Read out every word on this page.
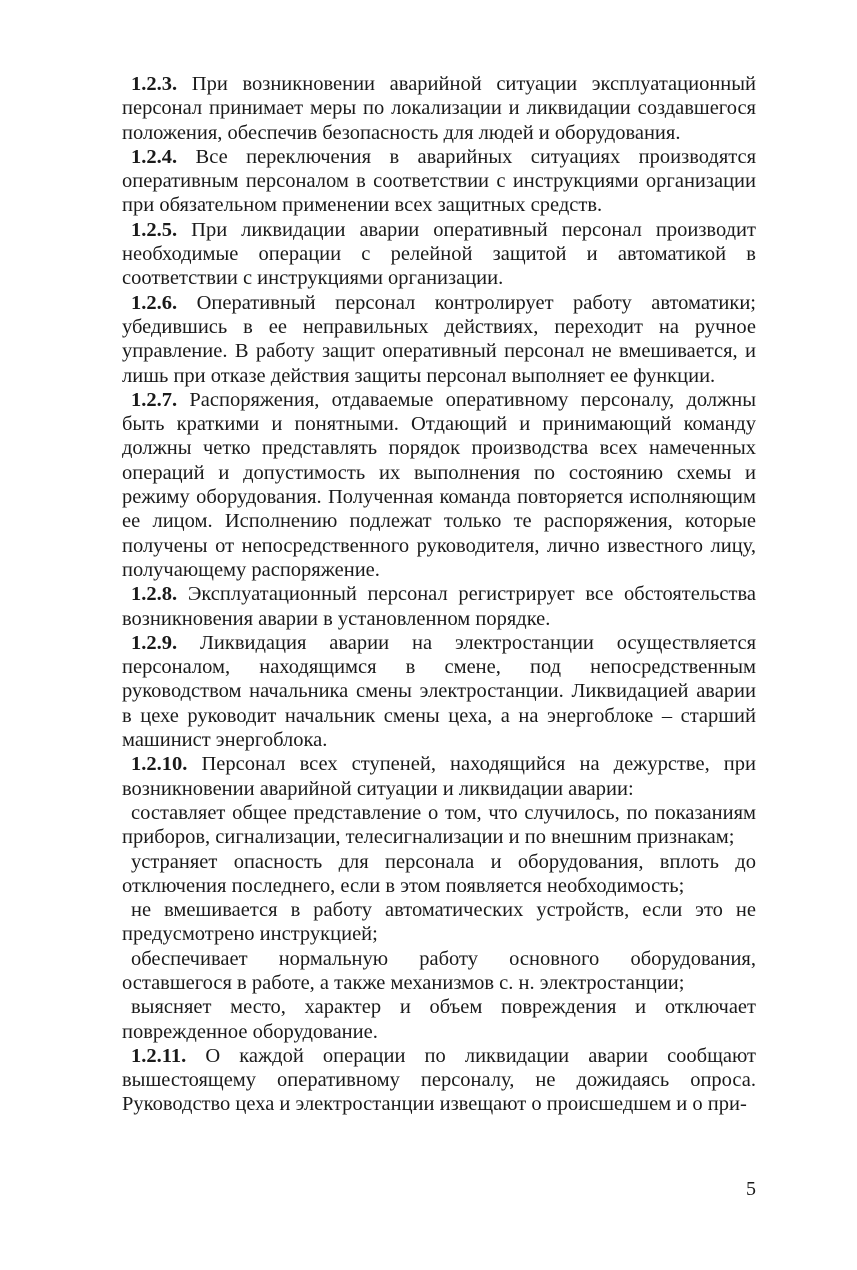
1.2.3. При возникновении аварийной ситуации эксплуатационный персонал принимает меры по локализации и ликвидации создавшегося положения, обеспечив безопасность для людей и оборудования.

1.2.4. Все переключения в аварийных ситуациях производятся оперативным персоналом в соответствии с инструкциями организации при обязательном применении всех защитных средств.

1.2.5. При ликвидации аварии оперативный персонал производит необходимые операции с релейной защитой и автоматикой в соответствии с инструкциями организации.

1.2.6. Оперативный персонал контролирует работу автоматики; убедившись в ее неправильных действиях, переходит на ручное управление. В работу защит оперативный персонал не вмешивается, и лишь при отказе действия защиты персонал выполняет ее функции.

1.2.7. Распоряжения, отдаваемые оперативному персоналу, должны быть краткими и понятными. Отдающий и принимающий команду должны четко представлять порядок производства всех намеченных операций и допустимость их выполнения по состоянию схемы и режиму оборудования. Полученная команда повторяется исполняющим ее лицом. Исполнению подлежат только те распоряжения, которые получены от непосредственного руководителя, лично известного лицу, получающему распоряжение.

1.2.8. Эксплуатационный персонал регистрирует все обстоятельства возникновения аварии в установленном порядке.

1.2.9. Ликвидация аварии на электростанции осуществляется персоналом, находящимся в смене, под непосредственным руководством начальника смены электростанции. Ликвидацией аварии в цехе руководит начальник смены цеха, а на энергоблоке – старший машинист энергоблока.

1.2.10. Персонал всех ступеней, находящийся на дежурстве, при возникновении аварийной ситуации и ликвидации аварии:

составляет общее представление о том, что случилось, по показаниям приборов, сигнализации, телесигнализации и по внешним признакам;

устраняет опасность для персонала и оборудования, вплоть до отключения последнего, если в этом появляется необходимость;

не вмешивается в работу автоматических устройств, если это не предусмотрено инструкцией;

обеспечивает нормальную работу основного оборудования, оставшегося в работе, а также механизмов с. н. электростанции;

выясняет место, характер и объем повреждения и отключает поврежденное оборудование.

1.2.11. О каждой операции по ликвидации аварии сообщают вышестоящему оперативному персоналу, не дожидаясь опроса. Руководство цеха и электростанции извещают о происшедшем и о при-

5
